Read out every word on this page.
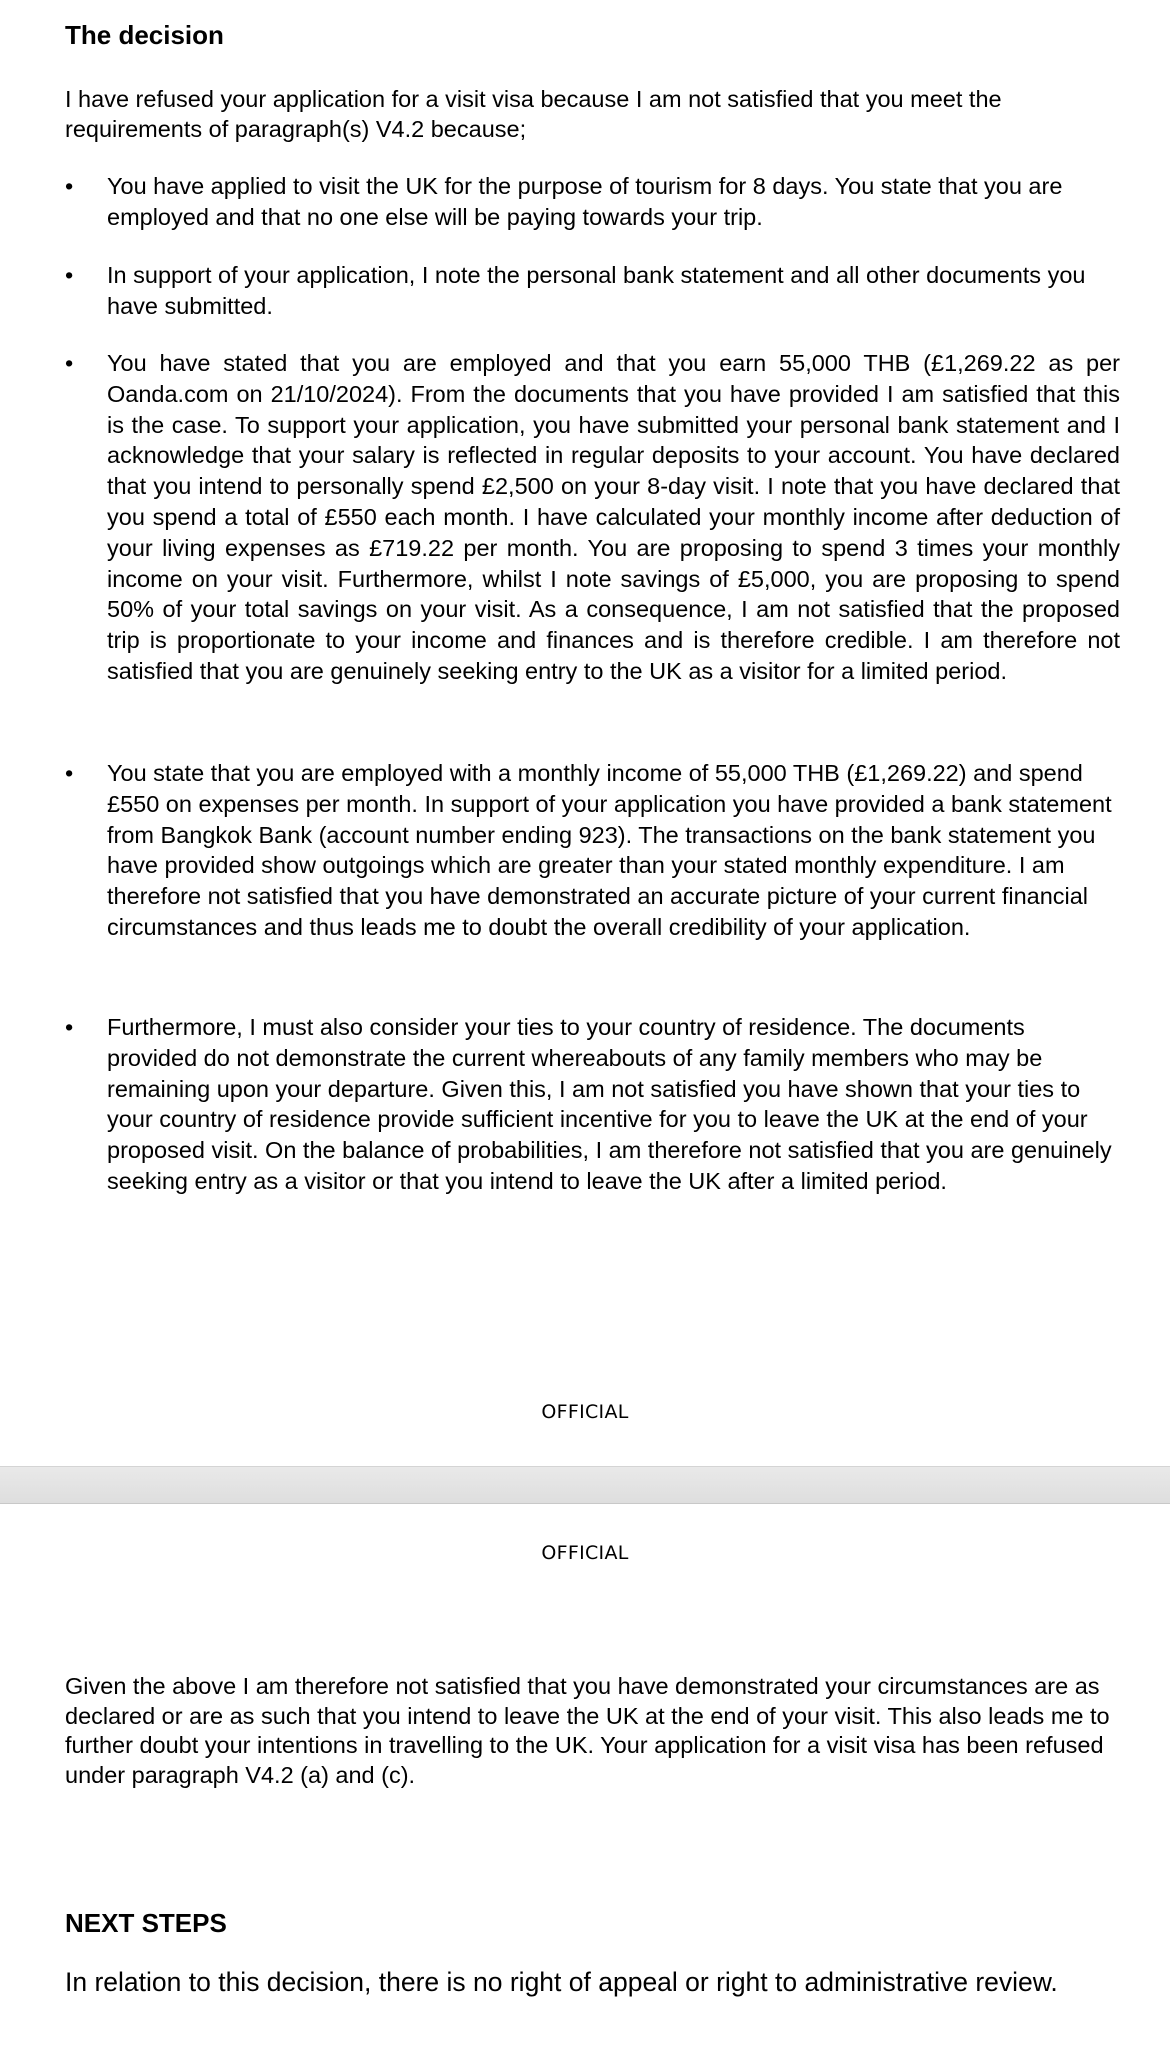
The decision

I have refused your application for a visit visa because I am not satisfied that you meet the requirements of paragraph(s) V4.2 because;

•	You have applied to visit the UK for the purpose of tourism for 8 days. You state that you are employed and that no one else will be paying towards your trip.

•	In support of your application, I note the personal bank statement and all other documents you have submitted.

•	You have stated that you are employed and that you earn 55,000 THB (£1,269.22 as per Oanda.com on 21/10/2024). From the documents that you have provided I am satisfied that this is the case. To support your application, you have submitted your personal bank statement and I acknowledge that your salary is reflected in regular deposits to your account. You have declared that you intend to personally spend £2,500 on your 8-day visit. I note that you have declared that you spend a total of £550 each month. I have calculated your monthly income after deduction of your living expenses as £719.22 per month. You are proposing to spend 3 times your monthly income on your visit. Furthermore, whilst I note savings of £5,000, you are proposing to spend 50% of your total savings on your visit. As a consequence, I am not satisfied that the proposed trip is proportionate to your income and finances and is therefore credible. I am therefore not satisfied that you are genuinely seeking entry to the UK as a visitor for a limited period.

•	You state that you are employed with a monthly income of 55,000 THB (£1,269.22) and spend £550 on expenses per month. In support of your application you have provided a bank statement from Bangkok Bank (account number ending 923). The transactions on the bank statement you have provided show outgoings which are greater than your stated monthly expenditure. I am therefore not satisfied that you have demonstrated an accurate picture of your current financial circumstances and thus leads me to doubt the overall credibility of your application.

•	Furthermore, I must also consider your ties to your country of residence. The documents provided do not demonstrate the current whereabouts of any family members who may be remaining upon your departure. Given this, I am not satisfied you have shown that your ties to your country of residence provide sufficient incentive for you to leave the UK at the end of your proposed visit. On the balance of probabilities, I am therefore not satisfied that you are genuinely seeking entry as a visitor or that you intend to leave the UK after a limited period.

OFFICIAL
OFFICIAL

Given the above I am therefore not satisfied that you have demonstrated your circumstances are as declared or are as such that you intend to leave the UK at the end of your visit. This also leads me to further doubt your intentions in travelling to the UK. Your application for a visit visa has been refused under paragraph V4.2 (a) and (c).

NEXT STEPS

In relation to this decision, there is no right of appeal or right to administrative review.
